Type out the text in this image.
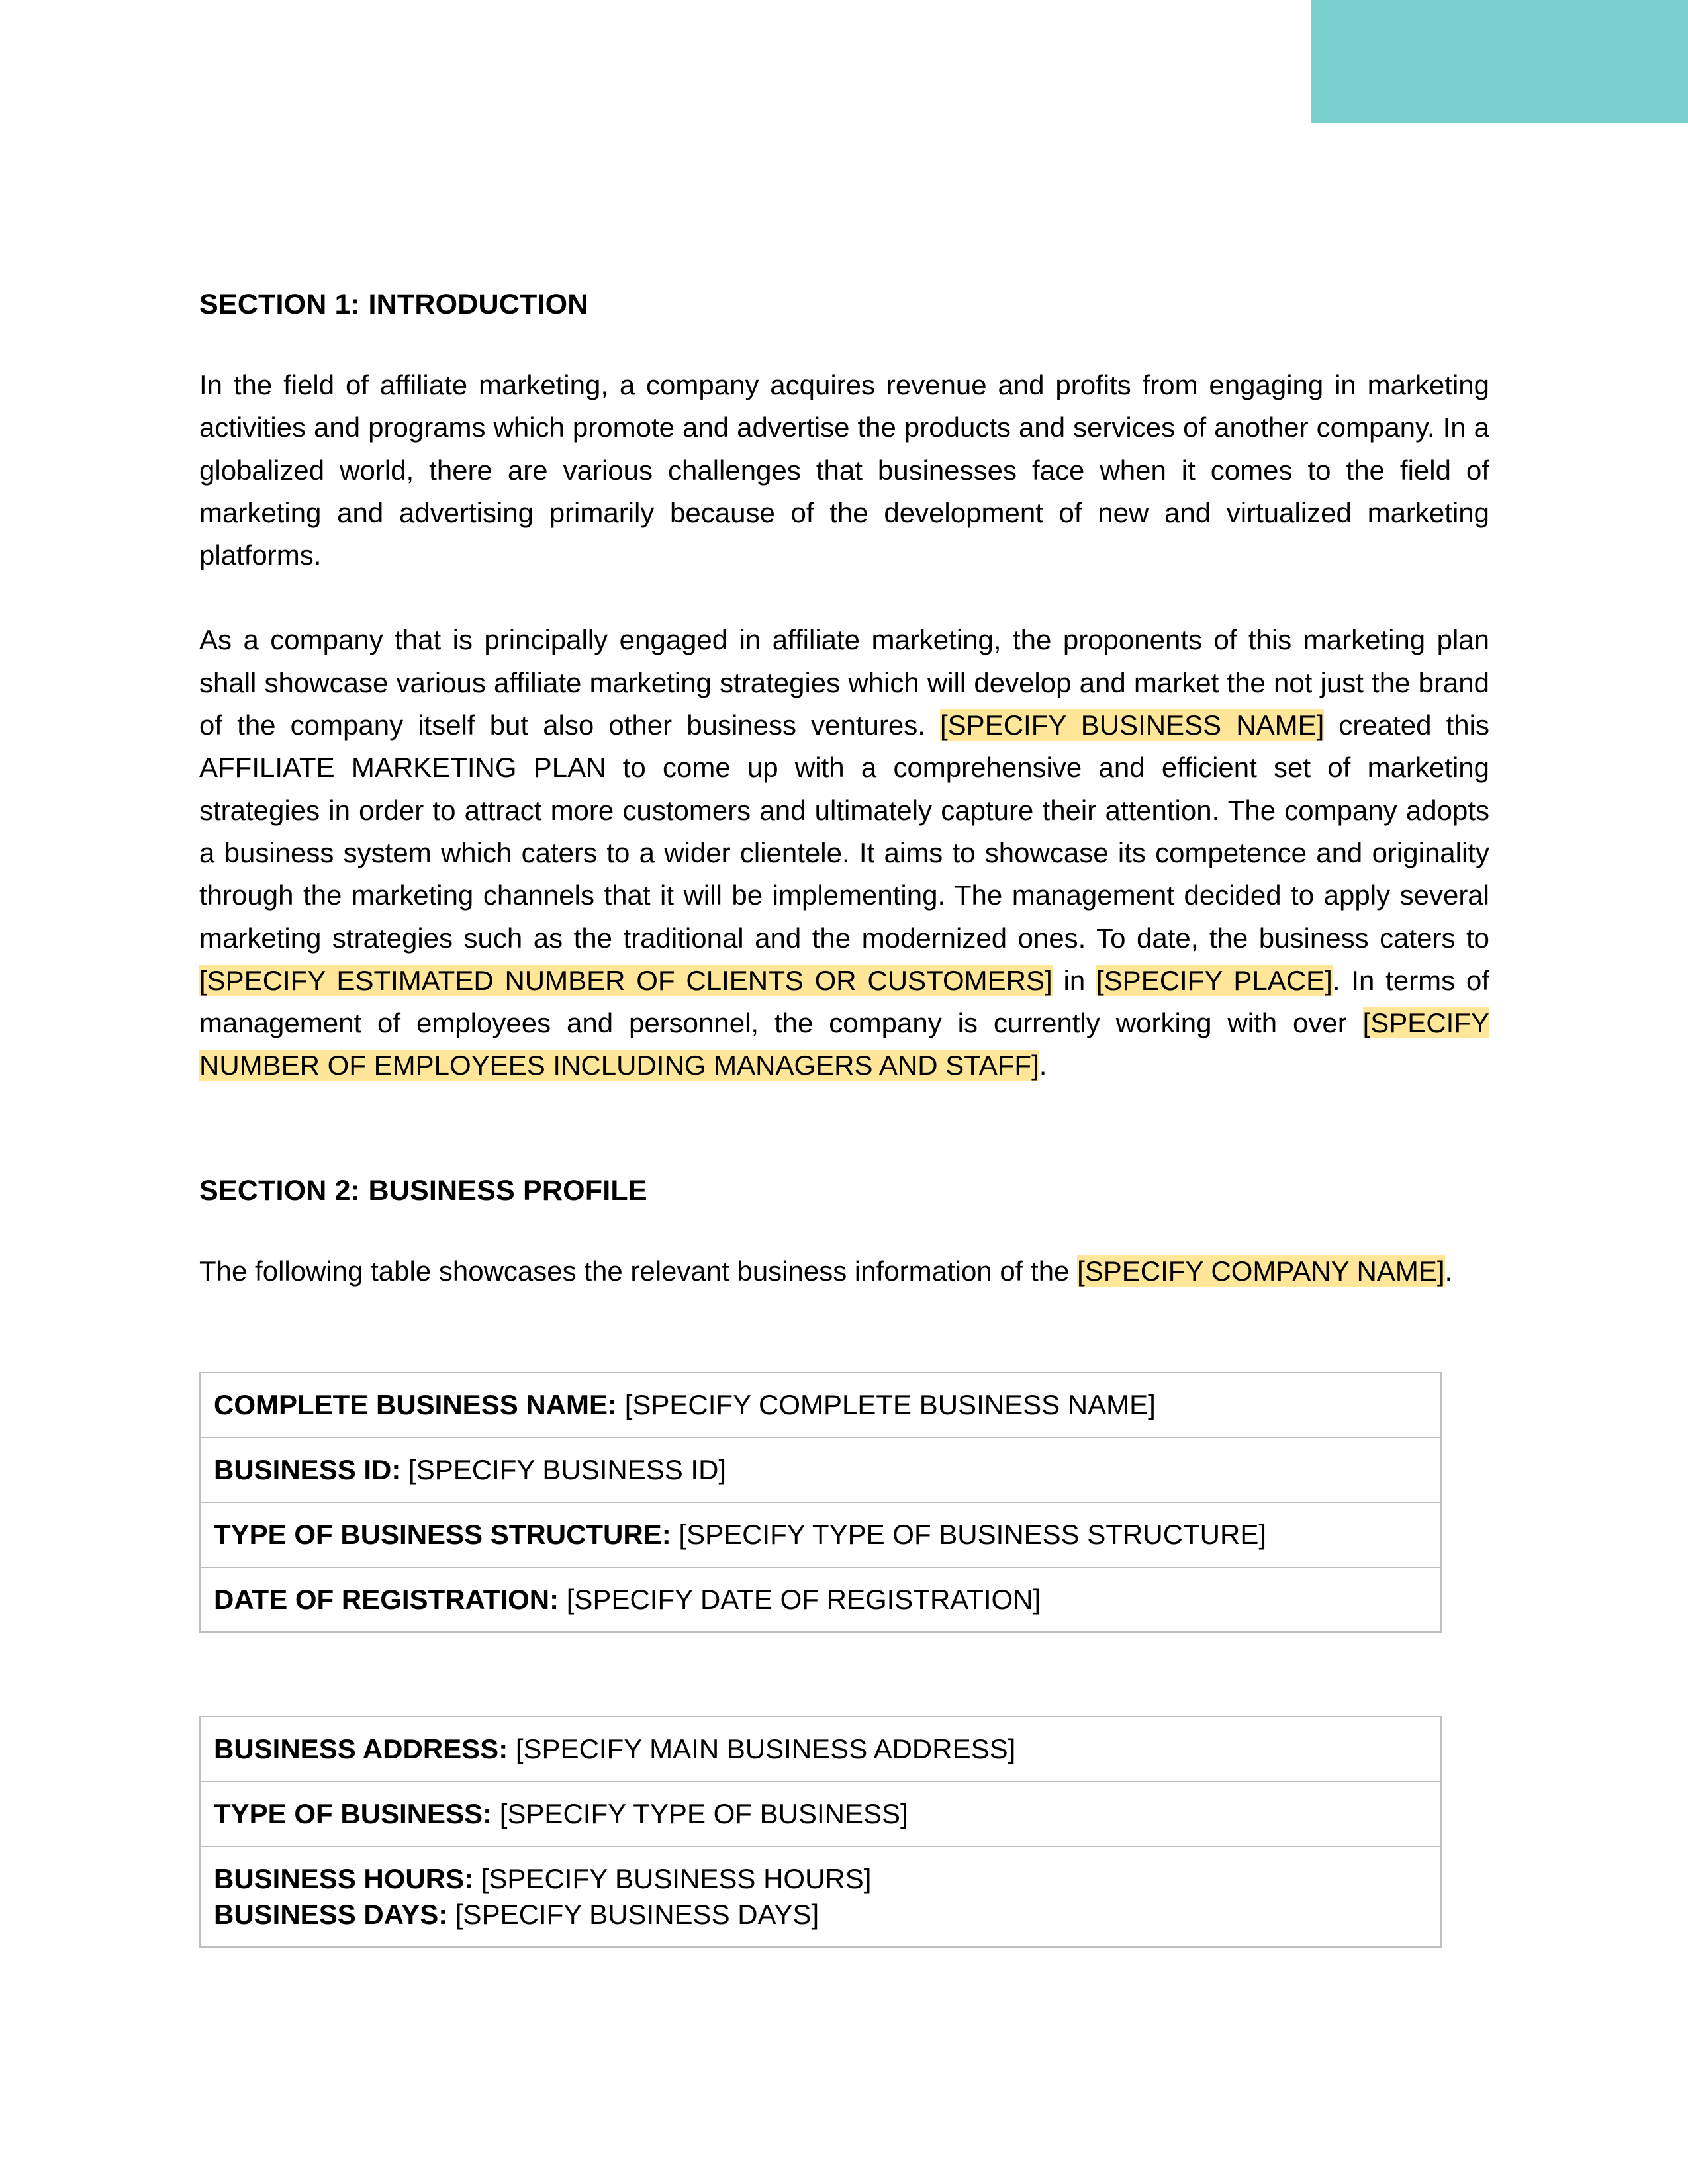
SECTION 1: INTRODUCTION

In the field of affiliate marketing, a company acquires revenue and profits from engaging in marketing activities and programs which promote and advertise the products and services of another company. In a globalized world, there are various challenges that businesses face when it comes to the field of marketing and advertising primarily because of the development of new and virtualized marketing platforms.

As a company that is principally engaged in affiliate marketing, the proponents of this marketing plan shall showcase various affiliate marketing strategies which will develop and market the not just the brand of the company itself but also other business ventures. [SPECIFY BUSINESS NAME] created this AFFILIATE MARKETING PLAN to come up with a comprehensive and efficient set of marketing strategies in order to attract more customers and ultimately capture their attention. The company adopts a business system which caters to a wider clientele. It aims to showcase its competence and originality through the marketing channels that it will be implementing. The management decided to apply several marketing strategies such as the traditional and the modernized ones. To date, the business caters to [SPECIFY ESTIMATED NUMBER OF CLIENTS OR CUSTOMERS] in [SPECIFY PLACE]. In terms of management of employees and personnel, the company is currently working with over [SPECIFY NUMBER OF EMPLOYEES INCLUDING MANAGERS AND STAFF].

SECTION 2: BUSINESS PROFILE

The following table showcases the relevant business information of the [SPECIFY COMPANY NAME].

COMPLETE BUSINESS NAME: [SPECIFY COMPLETE BUSINESS NAME]
BUSINESS ID: [SPECIFY BUSINESS ID]
TYPE OF BUSINESS STRUCTURE: [SPECIFY TYPE OF BUSINESS STRUCTURE]
DATE OF REGISTRATION: [SPECIFY DATE OF REGISTRATION]
BUSINESS ADDRESS: [SPECIFY MAIN BUSINESS ADDRESS]
TYPE OF BUSINESS: [SPECIFY TYPE OF BUSINESS]

BUSINESS HOURS: [SPECIFY BUSINESS HOURS]
BUSINESS DAYS: [SPECIFY BUSINESS DAYS]
